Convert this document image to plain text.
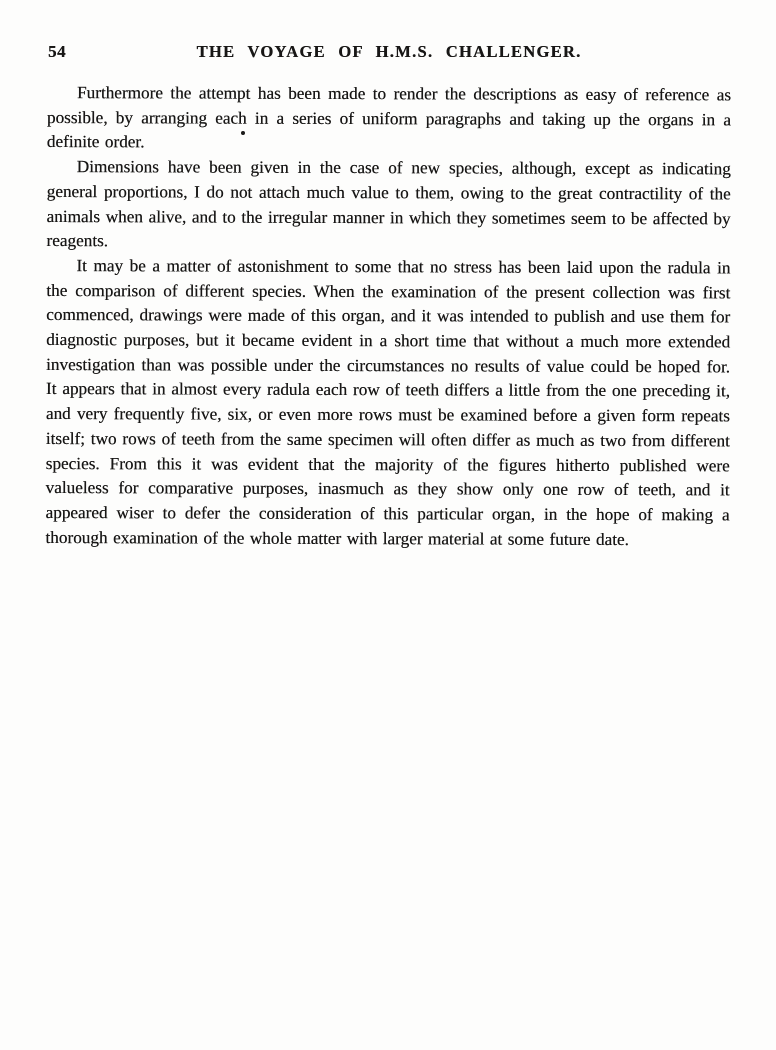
54	THE VOYAGE OF H.M.S. CHALLENGER.

Furthermore the attempt has been made to render the descriptions as easy of reference as possible, by arranging each in a series of uniform paragraphs and taking up the organs in a definite order.

Dimensions have been given in the case of new species, although, except as indicating general proportions, I do not attach much value to them, owing to the great contractility of the animals when alive, and to the irregular manner in which they sometimes seem to be affected by reagents.

It may be a matter of astonishment to some that no stress has been laid upon the radula in the comparison of different species. When the examination of the present collection was first commenced, drawings were made of this organ, and it was intended to publish and use them for diagnostic purposes, but it became evident in a short time that without a much more extended investigation than was possible under the circumstances no results of value could be hoped for. It appears that in almost every radula each row of teeth differs a little from the one preceding it, and very frequently five, six, or even more rows must be examined before a given form repeats itself; two rows of teeth from the same specimen will often differ as much as two from different species. From this it was evident that the majority of the figures hitherto published were valueless for comparative purposes, inasmuch as they show only one row of teeth, and it appeared wiser to defer the consideration of this particular organ, in the hope of making a thorough examination of the whole matter with larger material at some future date.
